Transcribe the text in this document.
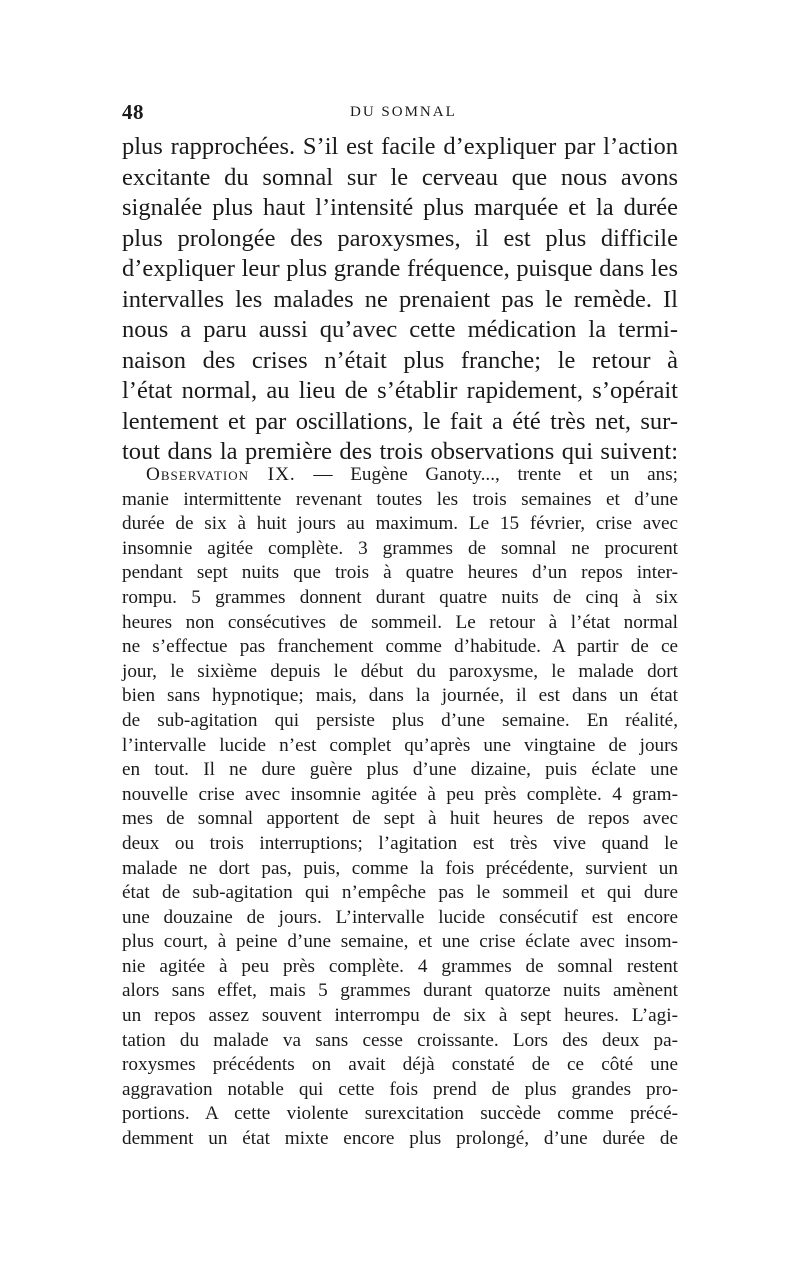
48	DU SOMNAL
plus rapprochées. S’il est facile d’expliquer par l’action
excitante du somnal sur le cerveau que nous avons
signalée plus haut l’intensité plus marquée et la durée
plus prolongée des paroxysmes, il est plus difficile
d’expliquer leur plus grande fréquence, puisque dans les
intervalles les malades ne prenaient pas le remède. Il
nous a paru aussi qu’avec cette médication la termi-
naison des crises n’était plus franche; le retour à
l’état normal, au lieu de s’établir rapidement, s’opérait
lentement et par oscillations, le fait a été très net, sur-
tout dans la première des trois observations qui suivent:
Observation IX. — Eugène Ganoty..., trente et un ans;
manie intermittente revenant toutes les trois semaines et d’une
durée de six à huit jours au maximum. Le 15 février, crise avec
insomnie agitée complète. 3 grammes de somnal ne procurent
pendant sept nuits que trois à quatre heures d’un repos inter-
rompu. 5 grammes donnent durant quatre nuits de cinq à six
heures non consécutives de sommeil. Le retour à l’état normal
ne s’effectue pas franchement comme d’habitude. A partir de ce
jour, le sixième depuis le début du paroxysme, le malade dort
bien sans hypnotique; mais, dans la journée, il est dans un état
de sub-agitation qui persiste plus d’une semaine. En réalité,
l’intervalle lucide n’est complet qu’après une vingtaine de jours
en tout. Il ne dure guère plus d’une dizaine, puis éclate une
nouvelle crise avec insomnie agitée à peu près complète. 4 gram-
mes de somnal apportent de sept à huit heures de repos avec
deux ou trois interruptions; l’agitation est très vive quand le
malade ne dort pas, puis, comme la fois précédente, survient un
état de sub-agitation qui n’empêche pas le sommeil et qui dure
une douzaine de jours. L’intervalle lucide consécutif est encore
plus court, à peine d’une semaine, et une crise éclate avec insom-
nie agitée à peu près complète. 4 grammes de somnal restent
alors sans effet, mais 5 grammes durant quatorze nuits amènent
un repos assez souvent interrompu de six à sept heures. L’agi-
tation du malade va sans cesse croissante. Lors des deux pa-
roxysmes précédents on avait déjà constaté de ce côté une
aggravation notable qui cette fois prend de plus grandes pro-
portions. A cette violente surexcitation succède comme précé-
demment un état mixte encore plus prolongé, d’une durée de
